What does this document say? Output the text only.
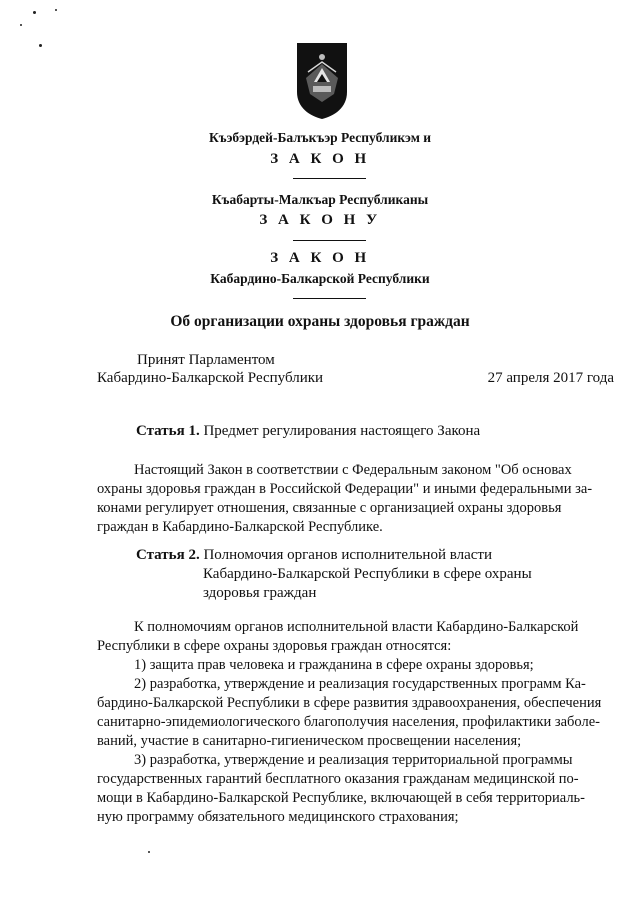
Къэбэрдей-Балъкъэр Республикэм и
З А К О Н
Къабарты-Малкъар Республиканы
З А К О Н У
З А К О Н
Кабардино-Балкарской Республики
Об организации охраны здоровья граждан
Принят Парламентом
Кабардино-Балкарской Республики	27 апреля 2017 года
Статья 1. Предмет регулирования настоящего Закона
Настоящий Закон в соответствии с Федеральным законом "Об основах
охраны здоровья граждан в Российской Федерации" и иными федеральными за-
конами регулирует отношения, связанные с организацией охраны здоровья
граждан в Кабардино-Балкарской Республике.
Статья 2. Полномочия органов исполнительной власти
Кабардино-Балкарской Республики в сфере охраны
здоровья граждан
К полномочиям органов исполнительной власти Кабардино-Балкарской
Республики в сфере охраны здоровья граждан относятся:
1) защита прав человека и гражданина в сфере охраны здоровья;
2) разработка, утверждение и реализация государственных программ Ка-
бардино-Балкарской Республики в сфере развития здравоохранения, обеспечения
санитарно-эпидемиологического благополучия населения, профилактики заболе-
ваний, участие в санитарно-гигиеническом просвещении населения;
3) разработка, утверждение и реализация территориальной программы
государственных гарантий бесплатного оказания гражданам медицинской по-
мощи в Кабардино-Балкарской Республике, включающей в себя территориаль-
ную программу обязательного медицинского страхования;
